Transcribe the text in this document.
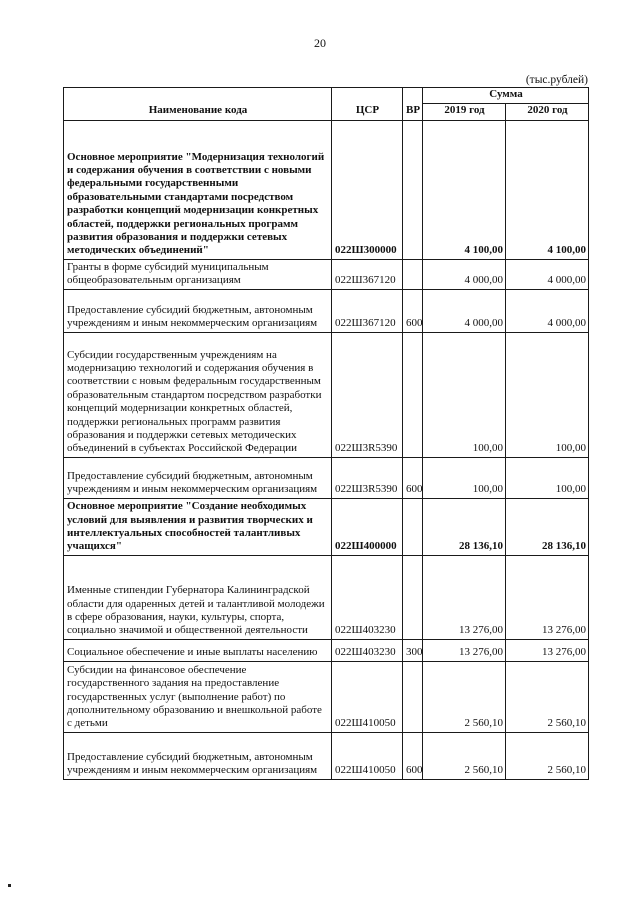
20
(тыс.рублей)
Наименование кода	ЦСР	ВР	Сумма	
			2019 год	2020 год
Основное мероприятие "Модернизация технологий и содержания обучения в соответствии с новыми федеральными государственными образовательными стандартами посредством разработки концепций модернизации конкретных областей, поддержки региональных программ развития образования и поддержки сетевых методических объединений"	022Ш300000		4 100,00	4 100,00
Гранты в форме субсидий муниципальным общеобразовательным организациям	022Ш367120		4 000,00	4 000,00
Предоставление субсидий бюджетным, автономным учреждениям и иным некоммерческим организациям	022Ш367120	600	4 000,00	4 000,00
Субсидии государственным учреждениям на модернизацию технологий и содержания обучения в соответствии с новым федеральным государственным образовательным стандартом посредством разработки концепций модернизации конкретных областей, поддержки региональных программ развития образования и поддержки сетевых методических объединений в субъектах Российской Федерации	022Ш3R5390		100,00	100,00
Предоставление субсидий бюджетным, автономным учреждениям и иным некоммерческим организациям	022Ш3R5390	600	100,00	100,00
Основное мероприятие "Создание необходимых условий для выявления и развития творческих и интеллектуальных способностей талантливых учащихся"	022Ш400000		28 136,10	28 136,10
Именные стипендии Губернатора Калининградской области для одаренных детей и талантливой молодежи в сфере образования, науки, культуры, спорта, социально значимой и общественной деятельности	022Ш403230		13 276,00	13 276,00
Социальное обеспечение и иные выплаты населению	022Ш403230	300	13 276,00	13 276,00
Субсидии на финансовое обеспечение государственного задания на предоставление государственных услуг (выполнение работ) по дополнительному образованию и внешкольной работе с детьми	022Ш410050		2 560,10	2 560,10
Предоставление субсидий бюджетным, автономным учреждениям и иным некоммерческим организациям	022Ш410050	600	2 560,10	2 560,10
